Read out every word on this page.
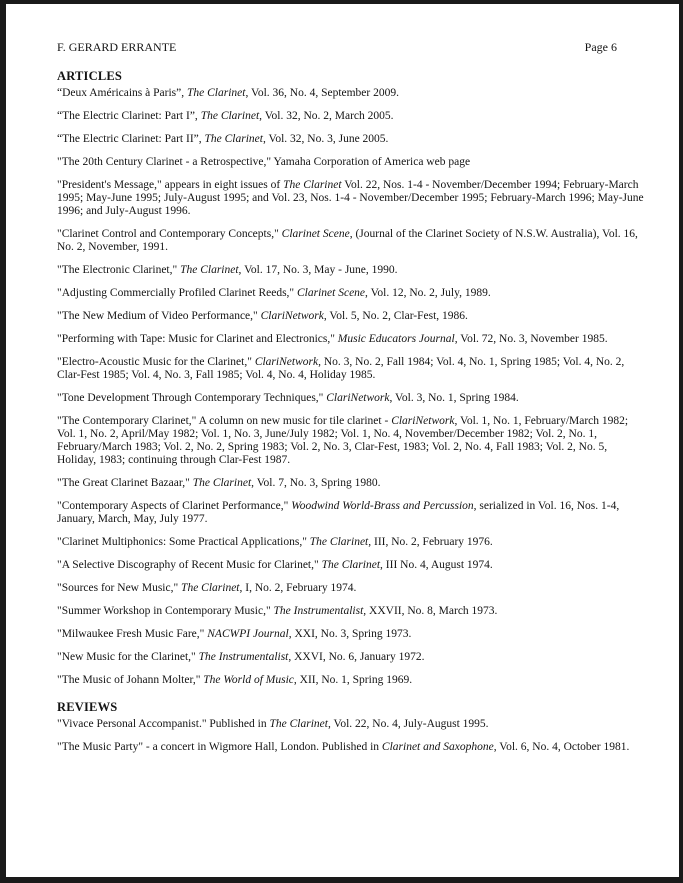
F. GERARD ERRANTE	Page 6
ARTICLES

“Deux Américains à Paris”, The Clarinet, Vol. 36, No. 4, September 2009.

“The Electric Clarinet: Part I”, The Clarinet, Vol. 32, No. 2, March 2005.

“The Electric Clarinet: Part II”, The Clarinet, Vol. 32, No. 3, June 2005.

"The 20th Century Clarinet - a Retrospective," Yamaha Corporation of America web page

"President's Message," appears in eight issues of The Clarinet Vol. 22, Nos. 1-4 - November/December 1994; February-March 1995; May-June 1995; July-August 1995; and Vol. 23, Nos. 1-4 - November/December 1995; February-March 1996; May-June 1996; and July-August 1996.

"Clarinet Control and Contemporary Concepts," Clarinet Scene, (Journal of the Clarinet Society of N.S.W. Australia), Vol. 16, No. 2, November, 1991.

"The Electronic Clarinet," The Clarinet, Vol. 17, No. 3, May - June, 1990.

"Adjusting Commercially Profiled Clarinet Reeds," Clarinet Scene, Vol. 12, No. 2, July, 1989.

"The New Medium of Video Performance," ClariNetwork, Vol. 5, No. 2, Clar-Fest, 1986.

"Performing with Tape: Music for Clarinet and Electronics," Music Educators Journal, Vol. 72, No. 3, November 1985.

"Electro-Acoustic Music for the Clarinet," ClariNetwork, No. 3, No. 2, Fall 1984; Vol. 4, No. 1, Spring 1985; Vol. 4, No. 2, Clar-Fest 1985; Vol. 4, No. 3, Fall 1985; Vol. 4, No. 4, Holiday 1985.

"Tone Development Through Contemporary Techniques," ClariNetwork, Vol. 3, No. 1, Spring 1984.

"The Contemporary Clarinet," A column on new music for tile clarinet - ClariNetwork, Vol. 1, No. 1, February/March 1982; Vol. 1, No. 2, April/May 1982; Vol. 1, No. 3, June/July 1982; Vol. 1, No. 4, November/December 1982; Vol. 2, No. 1, February/March 1983; Vol. 2, No. 2, Spring 1983; Vol. 2, No. 3, Clar-Fest, 1983; Vol. 2, No. 4, Fall 1983; Vol. 2, No. 5, Holiday, 1983; continuing through Clar-Fest 1987.

"The Great Clarinet Bazaar," The Clarinet, Vol. 7, No. 3, Spring 1980.

"Contemporary Aspects of Clarinet Performance," Woodwind World-Brass and Percussion, serialized in Vol. 16, Nos. 1-4, January, March, May, July 1977.

"Clarinet Multiphonics: Some Practical Applications," The Clarinet, III, No. 2, February 1976.

"A Selective Discography of Recent Music for Clarinet," The Clarinet, III No. 4, August 1974.

"Sources for New Music," The Clarinet, I, No. 2, February 1974.

"Summer Workshop in Contemporary Music," The Instrumentalist, XXVII, No. 8, March 1973.

"Milwaukee Fresh Music Fare," NACWPI Journal, XXI, No. 3, Spring 1973.

"New Music for the Clarinet," The Instrumentalist, XXVI, No. 6, January 1972.

"The Music of Johann Molter," The World of Music, XII, No. 1, Spring 1969.

REVIEWS

"Vivace Personal Accompanist." Published in The Clarinet, Vol. 22, No. 4, July-August 1995.

"The Music Party" - a concert in Wigmore Hall, London. Published in Clarinet and Saxophone, Vol. 6, No. 4, October 1981.
